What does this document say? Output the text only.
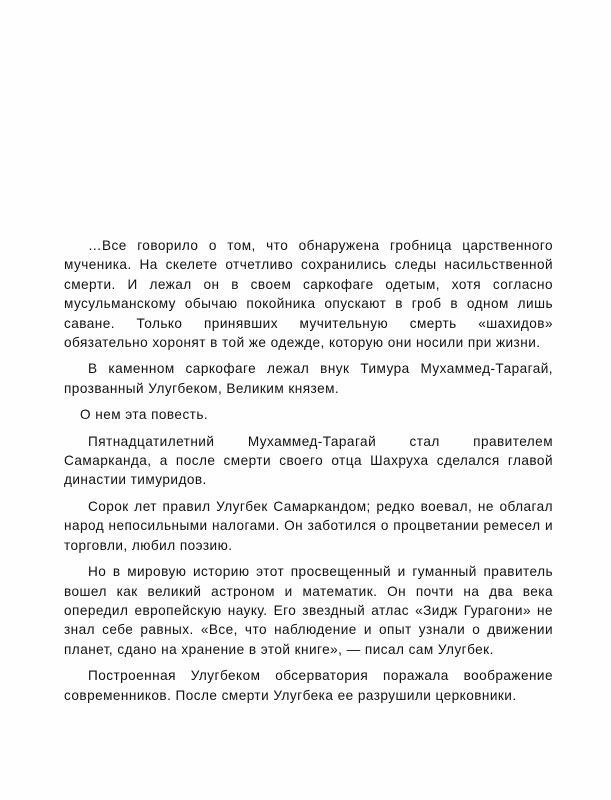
…Все говорило о том, что обнаружена гробница царственного мученика. На скелете отчетливо сохранились следы насильственной смерти. И лежал он в своем саркофаге одетым, хотя согласно мусульманскому обычаю покойника опускают в гроб в одном лишь саване. Только принявших мучительную смерть «шахидов» обязательно хоронят в той же одежде, которую они носили при жизни.

В каменном саркофаге лежал внук Тимура Мухаммед-Тарагай, прозванный Улугбеком, Великим князем.

О нем эта повесть.

Пятнадцатилетний Мухаммед-Тарагай стал правителем Самарканда, а после смерти своего отца Шахруха сделался главой династии тимуридов.

Сорок лет правил Улугбек Самаркандом; редко воевал, не облагал народ непосильными налогами. Он заботился о процветании ремесел и торговли, любил поэзию.

Но в мировую историю этот просвещенный и гуманный правитель вошел как великий астроном и математик. Он почти на два века опередил европейскую науку. Его звездный атлас «Зидж Гурагони» не знал себе равных. «Все, что наблюдение и опыт узнали о движении планет, сдано на хранение в этой книге», — писал сам Улугбек.

Построенная Улугбеком обсерватория поражала воображение современников. После смерти Улугбека ее разрушили церковники.
